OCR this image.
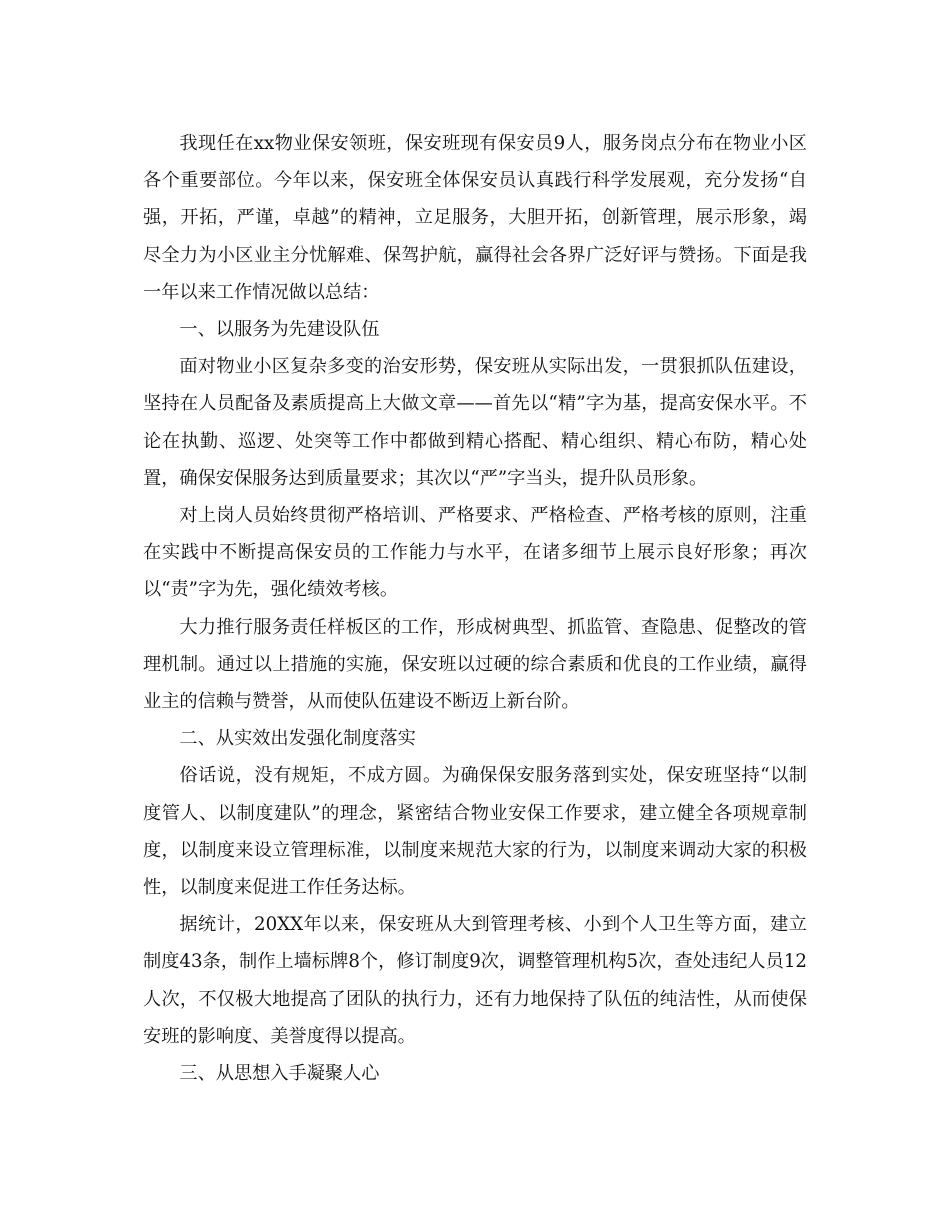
我现任在xx物业保安领班，保安班现有保安员9人，服务岗点分布在物业小区各个重要部位。今年以来，保安班全体保安员认真践行科学发展观，充分发扬“自强，开拓，严谨，卓越”的精神，立足服务，大胆开拓，创新管理，展示形象，竭尽全力为小区业主分忧解难、保驾护航，赢得社会各界广泛好评与赞扬。下面是我一年以来工作情况做以总结：

一、以服务为先建设队伍

面对物业小区复杂多变的治安形势，保安班从实际出发，一贯狠抓队伍建设，坚持在人员配备及素质提高上大做文章——首先以“精”字为基，提高安保水平。不论在执勤、巡逻、处突等工作中都做到精心搭配、精心组织、精心布防，精心处置，确保安保服务达到质量要求；其次以“严”字当头，提升队员形象。

对上岗人员始终贯彻严格培训、严格要求、严格检查、严格考核的原则，注重在实践中不断提高保安员的工作能力与水平，在诸多细节上展示良好形象；再次以“责”字为先，强化绩效考核。

大力推行服务责任样板区的工作，形成树典型、抓监管、查隐患、促整改的管理机制。通过以上措施的实施，保安班以过硬的综合素质和优良的工作业绩，赢得业主的信赖与赞誉，从而使队伍建设不断迈上新台阶。

二、从实效出发强化制度落实

俗话说，没有规矩，不成方圆。为确保保安服务落到实处，保安班坚持“以制度管人、以制度建队”的理念，紧密结合物业安保工作要求，建立健全各项规章制度，以制度来设立管理标准，以制度来规范大家的行为，以制度来调动大家的积极性，以制度来促进工作任务达标。

据统计，20XX年以来，保安班从大到管理考核、小到个人卫生等方面，建立制度43条，制作上墙标牌8个，修订制度9次，调整管理机构5次，查处违纪人员12人次，不仅极大地提高了团队的执行力，还有力地保持了队伍的纯洁性，从而使保安班的影响度、美誉度得以提高。

三、从思想入手凝聚人心
